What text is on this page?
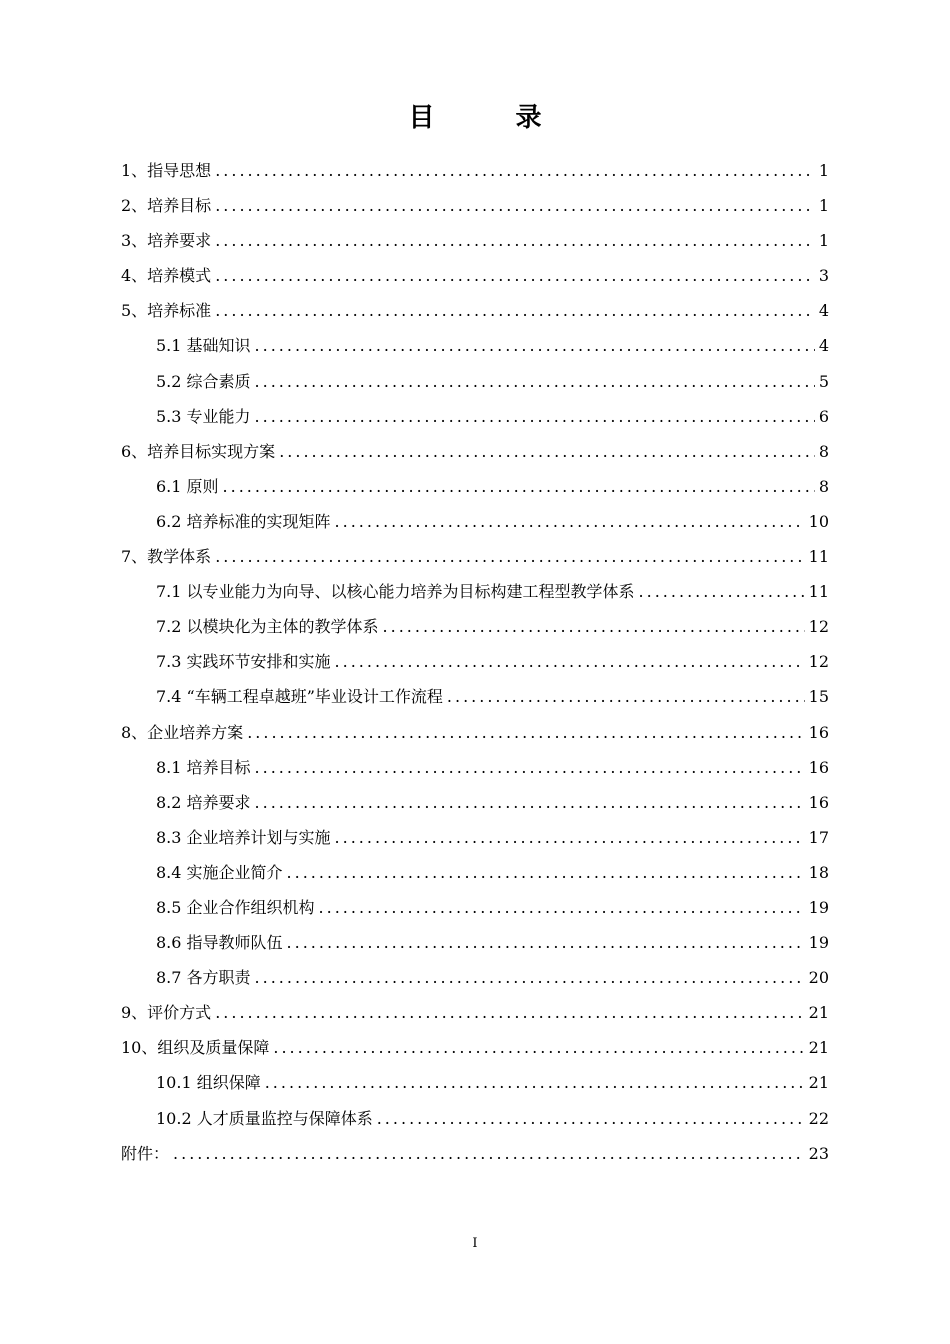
目 录
1、指导思想 .....	1
2、培养目标 .....	1
3、培养要求 .....	1
4、培养模式 .....	3
5、培养标准 .....	4
5.1 基础知识 .....	4
5.2 综合素质 .....	5
5.3 专业能力 .....	6
6、培养目标实现方案 .....	8
6.1 原则 .....	8
6.2 培养标准的实现矩阵 .....	10
7、教学体系 .....	11
7.1 以专业能力为向导、以核心能力培养为目标构建工程型教学体系 .....	11
7.2 以模块化为主体的教学体系 .....	12
7.3 实践环节安排和实施 .....	12
7.4 “车辆工程卓越班”毕业设计工作流程 .....	15
8、企业培养方案 .....	16
8.1 培养目标 .....	16
8.2 培养要求 .....	16
8.3 企业培养计划与实施 .....	17
8.4 实施企业简介 .....	18
8.5 企业合作组织机构 .....	19
8.6 指导教师队伍 .....	19
8.7 各方职责 .....	20
9、评价方式 .....	21
10、组织及质量保障 .....	21
10.1 组织保障 .....	21
10.2 人才质量监控与保障体系 .....	22
附件： .....	23
I
